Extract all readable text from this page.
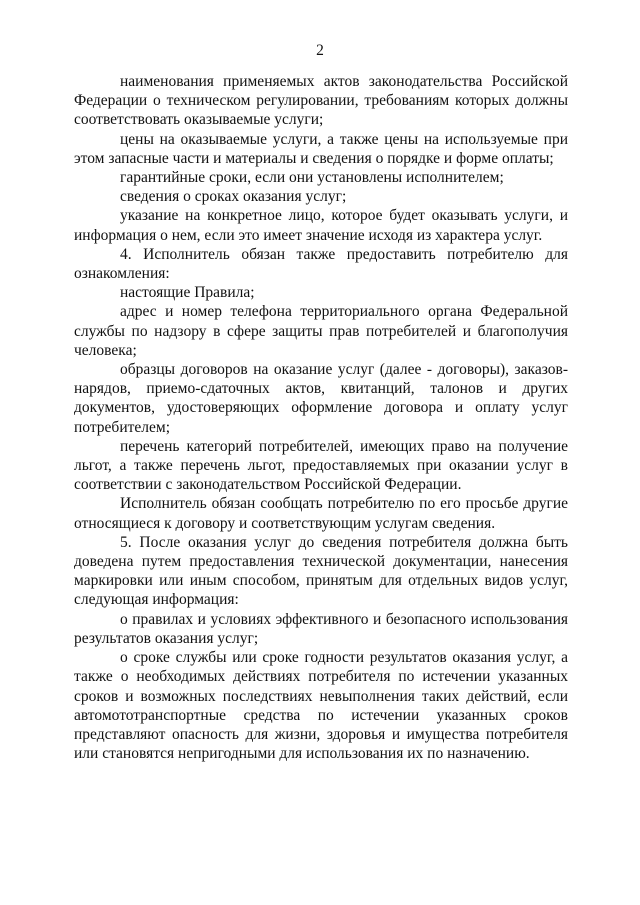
2

наименования применяемых актов законодательства Российской Федерации о техническом регулировании, требованиям которых должны соответствовать оказываемые услуги;

цены на оказываемые услуги, а также цены на используемые при этом запасные части и материалы и сведения о порядке и форме оплаты;

гарантийные сроки, если они установлены исполнителем;

сведения о сроках оказания услуг;

указание на конкретное лицо, которое будет оказывать услуги, и информация о нем, если это имеет значение исходя из характера услуг.

4. Исполнитель обязан также предоставить потребителю для ознакомления:

настоящие Правила;

адрес и номер телефона территориального органа Федеральной службы по надзору в сфере защиты прав потребителей и благополучия человека;

образцы договоров на оказание услуг (далее - договоры), заказов-нарядов, приемо-сдаточных актов, квитанций, талонов и других документов, удостоверяющих оформление договора и оплату услуг потребителем;

перечень категорий потребителей, имеющих право на получение льгот, а также перечень льгот, предоставляемых при оказании услуг в соответствии с законодательством Российской Федерации.

Исполнитель обязан сообщать потребителю по его просьбе другие относящиеся к договору и соответствующим услугам сведения.

5. После оказания услуг до сведения потребителя должна быть доведена путем предоставления технической документации, нанесения маркировки или иным способом, принятым для отдельных видов услуг, следующая информация:

о правилах и условиях эффективного и безопасного использования результатов оказания услуг;

о сроке службы или сроке годности результатов оказания услуг, а также о необходимых действиях потребителя по истечении указанных сроков и возможных последствиях невыполнения таких действий, если автомототранспортные средства по истечении указанных сроков представляют опасность для жизни, здоровья и имущества потребителя или становятся непригодными для использования их по назначению.
